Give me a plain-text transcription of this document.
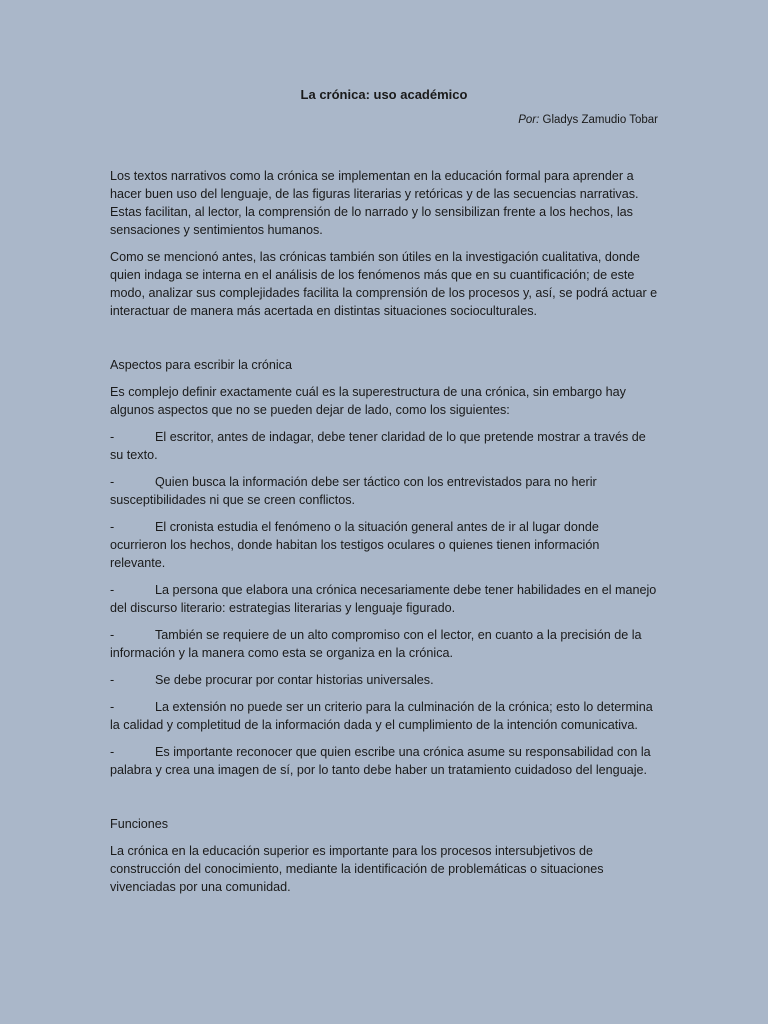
La crónica: uso académico

Por: Gladys Zamudio Tobar

Los textos narrativos como la crónica se implementan en la educación formal para aprender a hacer buen uso del lenguaje, de las figuras literarias y retóricas y de las secuencias narrativas. Estas facilitan, al lector, la comprensión de lo narrado y lo sensibilizan frente a los hechos, las sensaciones y sentimientos humanos.

Como se mencionó antes, las crónicas también son útiles en la investigación cualitativa, donde quien indaga se interna en el análisis de los fenómenos más que en su cuantificación; de este modo, analizar sus complejidades facilita la comprensión de los procesos y, así, se podrá actuar e interactuar de manera más acertada en distintas situaciones socioculturales.

Aspectos para escribir la crónica

Es complejo definir exactamente cuál es la superestructura de una crónica, sin embargo hay algunos aspectos que no se pueden dejar de lado, como los siguientes:

-	El escritor, antes de indagar, debe tener claridad de lo que pretende mostrar a través de su texto.

-	Quien busca la información debe ser táctico con los entrevistados para no herir susceptibilidades ni que se creen conflictos.

-	El cronista estudia el fenómeno o la situación general antes de ir al lugar donde ocurrieron los hechos, donde habitan los testigos oculares o quienes tienen información relevante.

-	La persona que elabora una crónica necesariamente debe tener habilidades en el manejo del discurso literario: estrategias literarias y lenguaje figurado.

-	También se requiere de un alto compromiso con el lector, en cuanto a la precisión de la información y la manera como esta se organiza en la crónica.

-	Se debe procurar por contar historias universales.

-	La extensión no puede ser un criterio para la culminación de la crónica; esto lo determina la calidad y completitud de la información dada y el cumplimiento de la intención comunicativa.

-	Es importante reconocer que quien escribe una crónica asume su responsabilidad con la palabra y crea una imagen de sí, por lo tanto debe haber un tratamiento cuidadoso del lenguaje.

Funciones

La crónica en la educación superior es importante para los procesos intersubjetivos de construcción del conocimiento, mediante la identificación de problemáticas o situaciones vivenciadas por una comunidad.
